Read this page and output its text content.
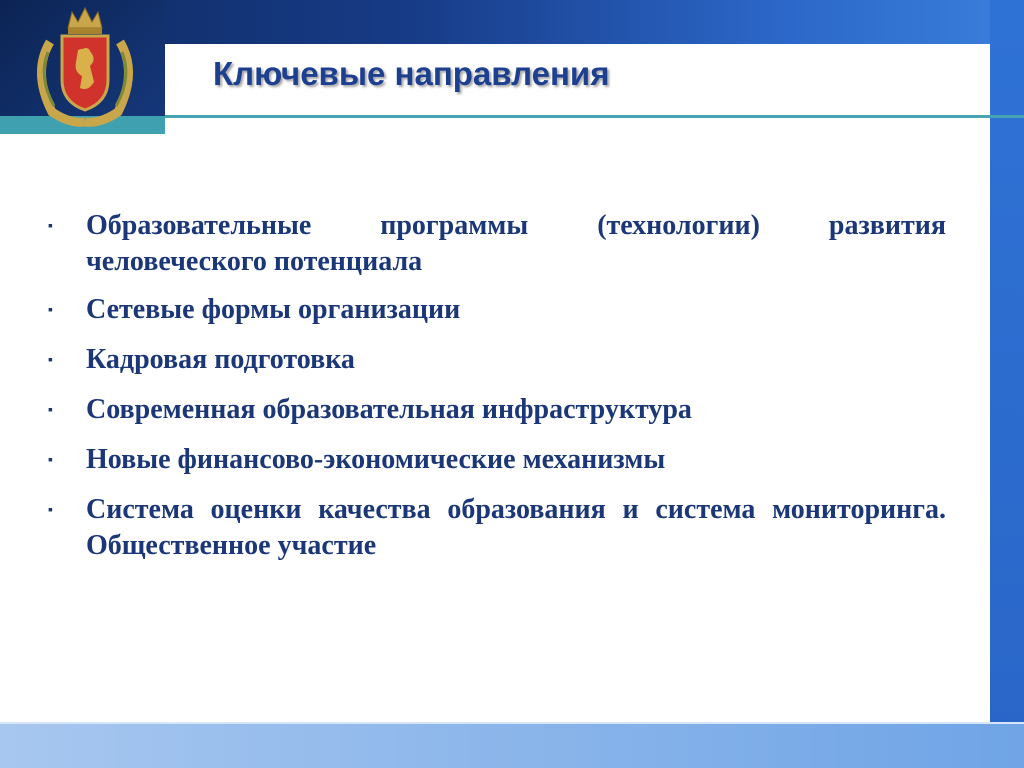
Ключевые направления
▪	Образовательные программы (технологии) развития человеческого потенциала
▪	Сетевые формы организации
▪	Кадровая подготовка
▪	Современная образовательная инфраструктура
▪	Новые финансово-экономические механизмы
▪	Система оценки качества образования и система мониторинга. Общественное участие
